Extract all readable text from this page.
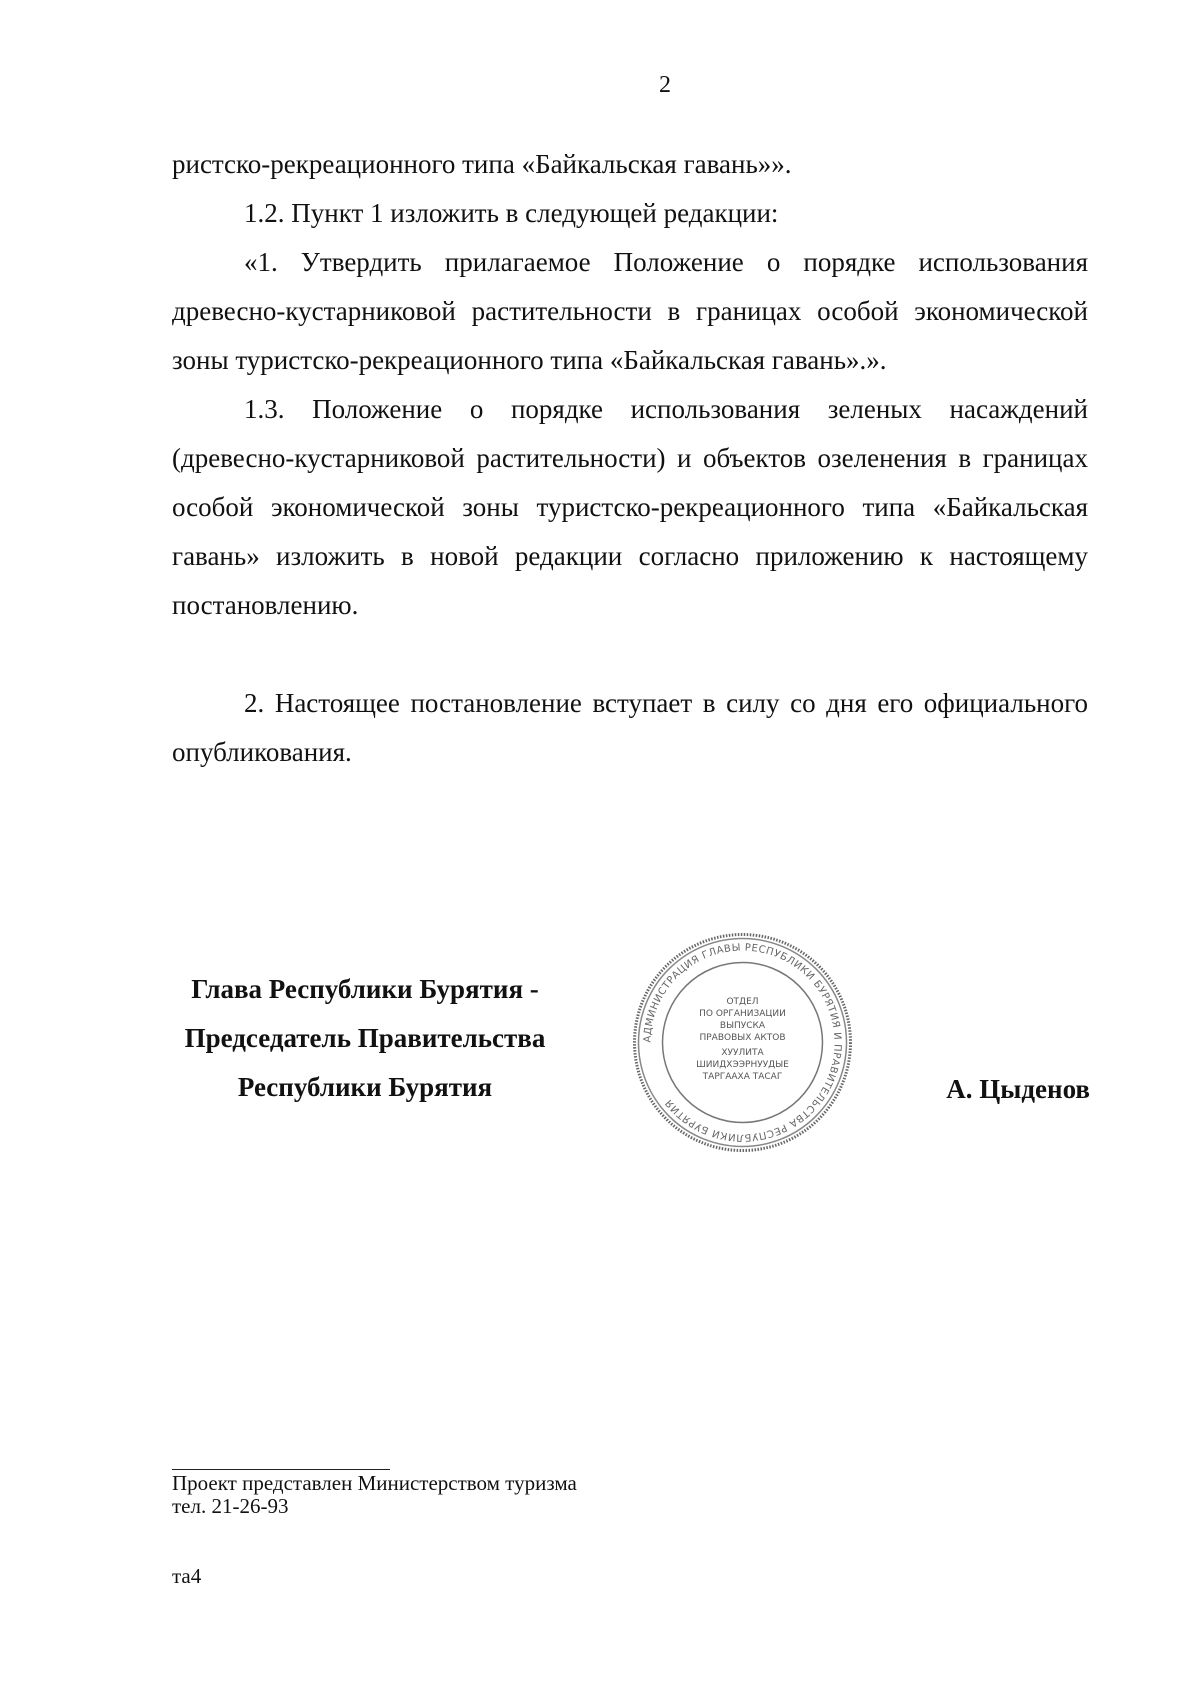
2

ристско-рекреационного типа «Байкальская гавань»».

1.2. Пункт 1 изложить в следующей редакции:

«1. Утвердить прилагаемое Положение о порядке использования древесно-кустарниковой растительности в границах особой экономической зоны туристско-рекреационного типа «Байкальская гавань».».

1.3. Положение о порядке использования зеленых насаждений (древесно-кустарниковой растительности) и объектов озеленения в границах особой экономической зоны туристско-рекреационного типа «Байкальская гавань» изложить в новой редакции согласно приложению к настоящему постановлению.

2. Настоящее постановление вступает в силу со дня его официального опубликования.

Глава Республики Бурятия -
Председатель Правительства
Республики Бурятия
АДМИНИСТРАЦИЯ ГЛАВЫ РЕСПУБЛИКИ БУРЯТИЯ И ПРАВИТЕЛЬСТВА РЕСПУБЛИКИ БУРЯТИЯ
ОТДЕЛ
ПО ОРГАНИЗАЦИИ
ВЫПУСКА
ПРАВОВЫХ АКТОВ
ХУУЛИТА
ШИИДХЭЭРНУУДЫЕ
ТАРГААХА ТАСАГ	А. Цыденов
Проект представлен Министерством туризма
тел. 21-26-93
та4
